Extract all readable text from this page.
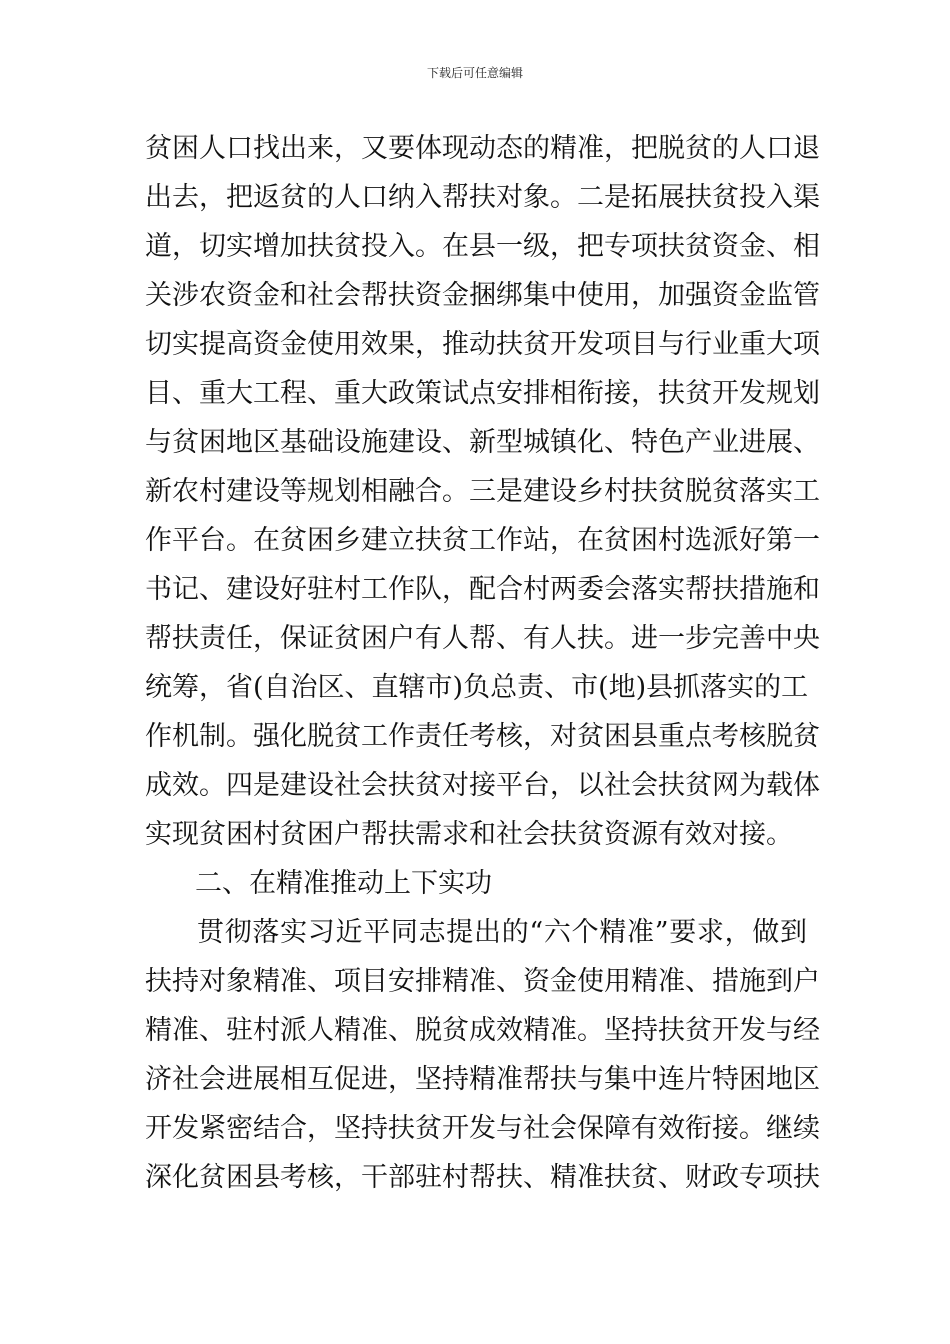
下载后可任意编辑
贫困人口找出来，又要体现动态的精准，把脱贫的人口退
出去，把返贫的人口纳入帮扶对象。二是拓展扶贫投入渠
道，切实增加扶贫投入。在县一级，把专项扶贫资金、相
关涉农资金和社会帮扶资金捆绑集中使用，加强资金监管
切实提高资金使用效果，推动扶贫开发项目与行业重大项
目、重大工程、重大政策试点安排相衔接，扶贫开发规划
与贫困地区基础设施建设、新型城镇化、特色产业进展、
新农村建设等规划相融合。三是建设乡村扶贫脱贫落实工
作平台。在贫困乡建立扶贫工作站，在贫困村选派好第一
书记、建设好驻村工作队，配合村两委会落实帮扶措施和
帮扶责任，保证贫困户有人帮、有人扶。进一步完善中央
统筹，省(自治区、直辖市)负总责、市(地)县抓落实的工
作机制。强化脱贫工作责任考核，对贫困县重点考核脱贫
成效。四是建设社会扶贫对接平台，以社会扶贫网为载体
实现贫困村贫困户帮扶需求和社会扶贫资源有效对接。
二、在精准推动上下实功
贯彻落实习近平同志提出的“六个精准”要求，做到
扶持对象精准、项目安排精准、资金使用精准、措施到户
精准、驻村派人精准、脱贫成效精准。坚持扶贫开发与经
济社会进展相互促进，坚持精准帮扶与集中连片特困地区
开发紧密结合，坚持扶贫开发与社会保障有效衔接。继续
深化贫困县考核，干部驻村帮扶、精准扶贫、财政专项扶
